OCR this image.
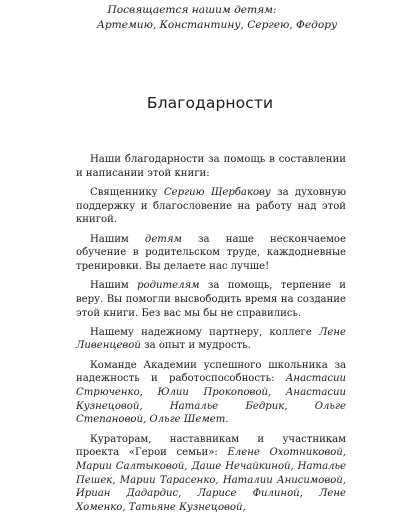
Посвящается нашим детям:
Артемию, Константину, Сергею, Федору

Благодарности

Наши благодарности за помощь в составлении и написании этой книги:

Священнику Сергию Щербакову за духовную поддержку и благословение на работу над этой книгой.

Нашим детям за наше нескончаемое обучение в родительском труде, каждодневные тренировки. Вы делаете нас лучше!

Нашим родителям за помощь, терпение и веру. Вы помогли высвободить время на создание этой книги. Без вас мы бы не справились.

Нашему надежному партнеру, коллеге Лене Ливенцевой за опыт и мудрость.

Команде Академии успешного школьника за надежность и работоспособность: Анастасии Стрюченко, Юлии Прокоповой, Анастасии Кузнецовой, Наталье Бедрик, Ольге Степановой, Ольге Шемет.

Кураторам, наставникам и участникам проекта «Герои семьи»: Елене Охотниковой, Марии Салтыковой, Даше Нечайкиной, Наталье Пешек, Марии Тарасенко, Наталии Анисимовой, Ириан Дадардис, Ларисе Филиной, Лене Хоменко, Татьяне Кузнецовой,
